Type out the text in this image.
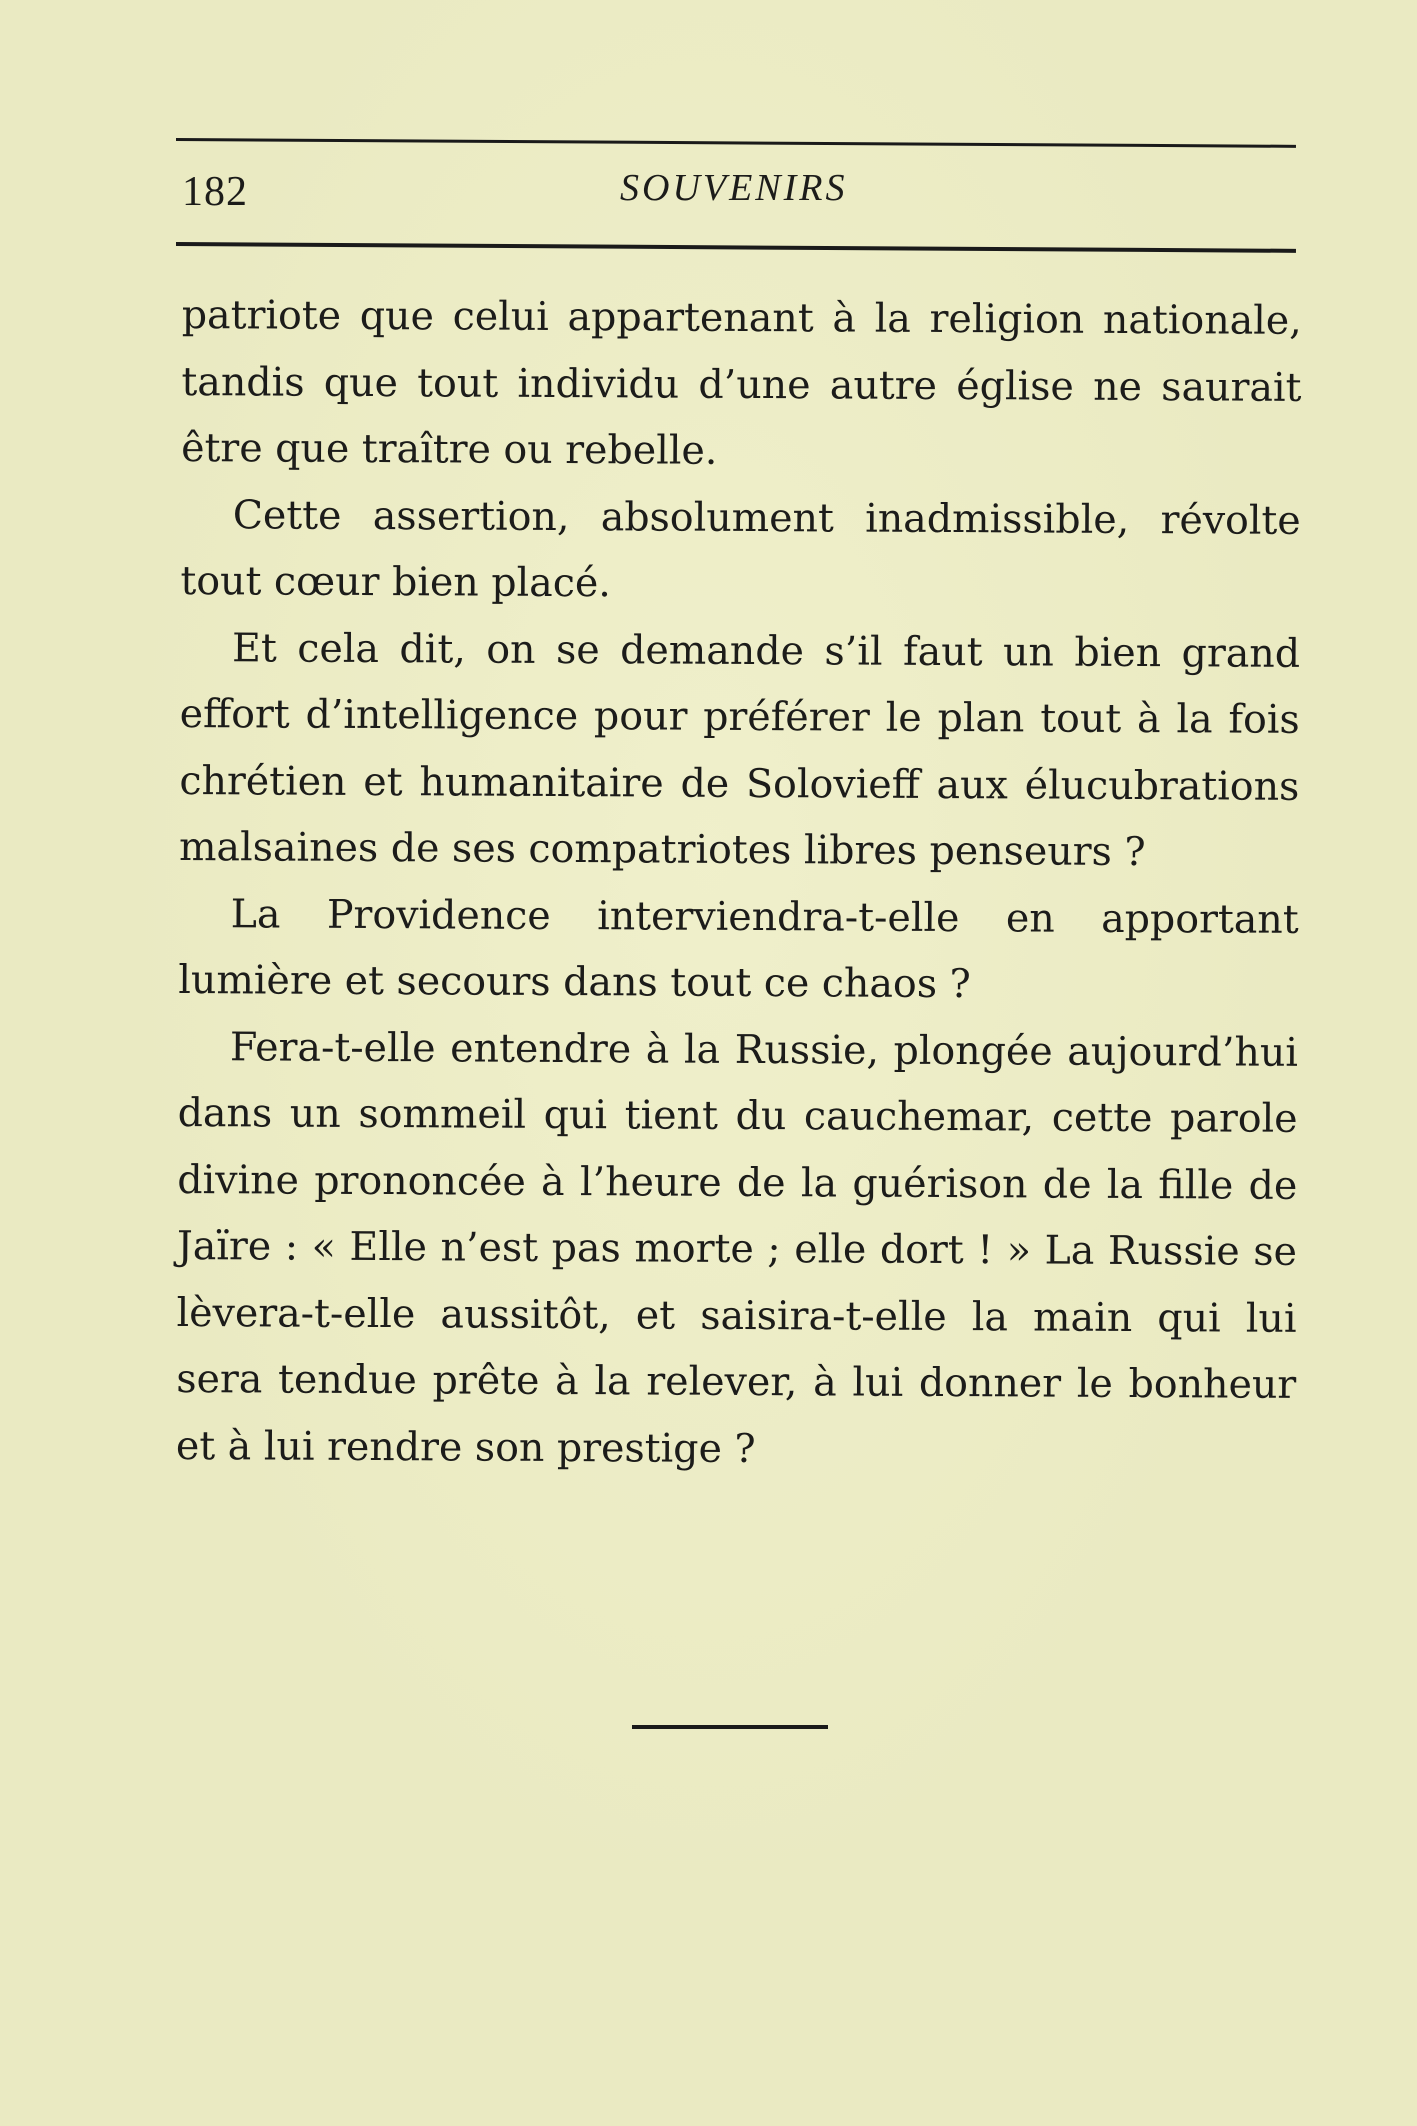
182	SOUVENIRS

patriote que celui appartenant à la religion nationale, tandis que tout individu d’une autre église ne saurait être que traître ou rebelle.

Cette assertion, absolument inadmissible, révolte tout cœur bien placé.

Et cela dit, on se demande s’il faut un bien grand effort d’intelligence pour préférer le plan tout à la fois chrétien et humanitaire de Solovieff aux élucubrations malsaines de ses compatriotes libres penseurs ?

La Providence interviendra-t-elle en apportant lumière et secours dans tout ce chaos ?

Fera-t-elle entendre à la Russie, plongée aujourd’hui dans un sommeil qui tient du cauchemar, cette parole divine prononcée à l’heure de la guérison de la fille de Jaïre : « Elle n’est pas morte ; elle dort ! » La Russie se lèvera-t-elle aussitôt, et saisira-t-elle la main qui lui sera tendue prête à la relever, à lui donner le bonheur et à lui rendre son prestige ?
